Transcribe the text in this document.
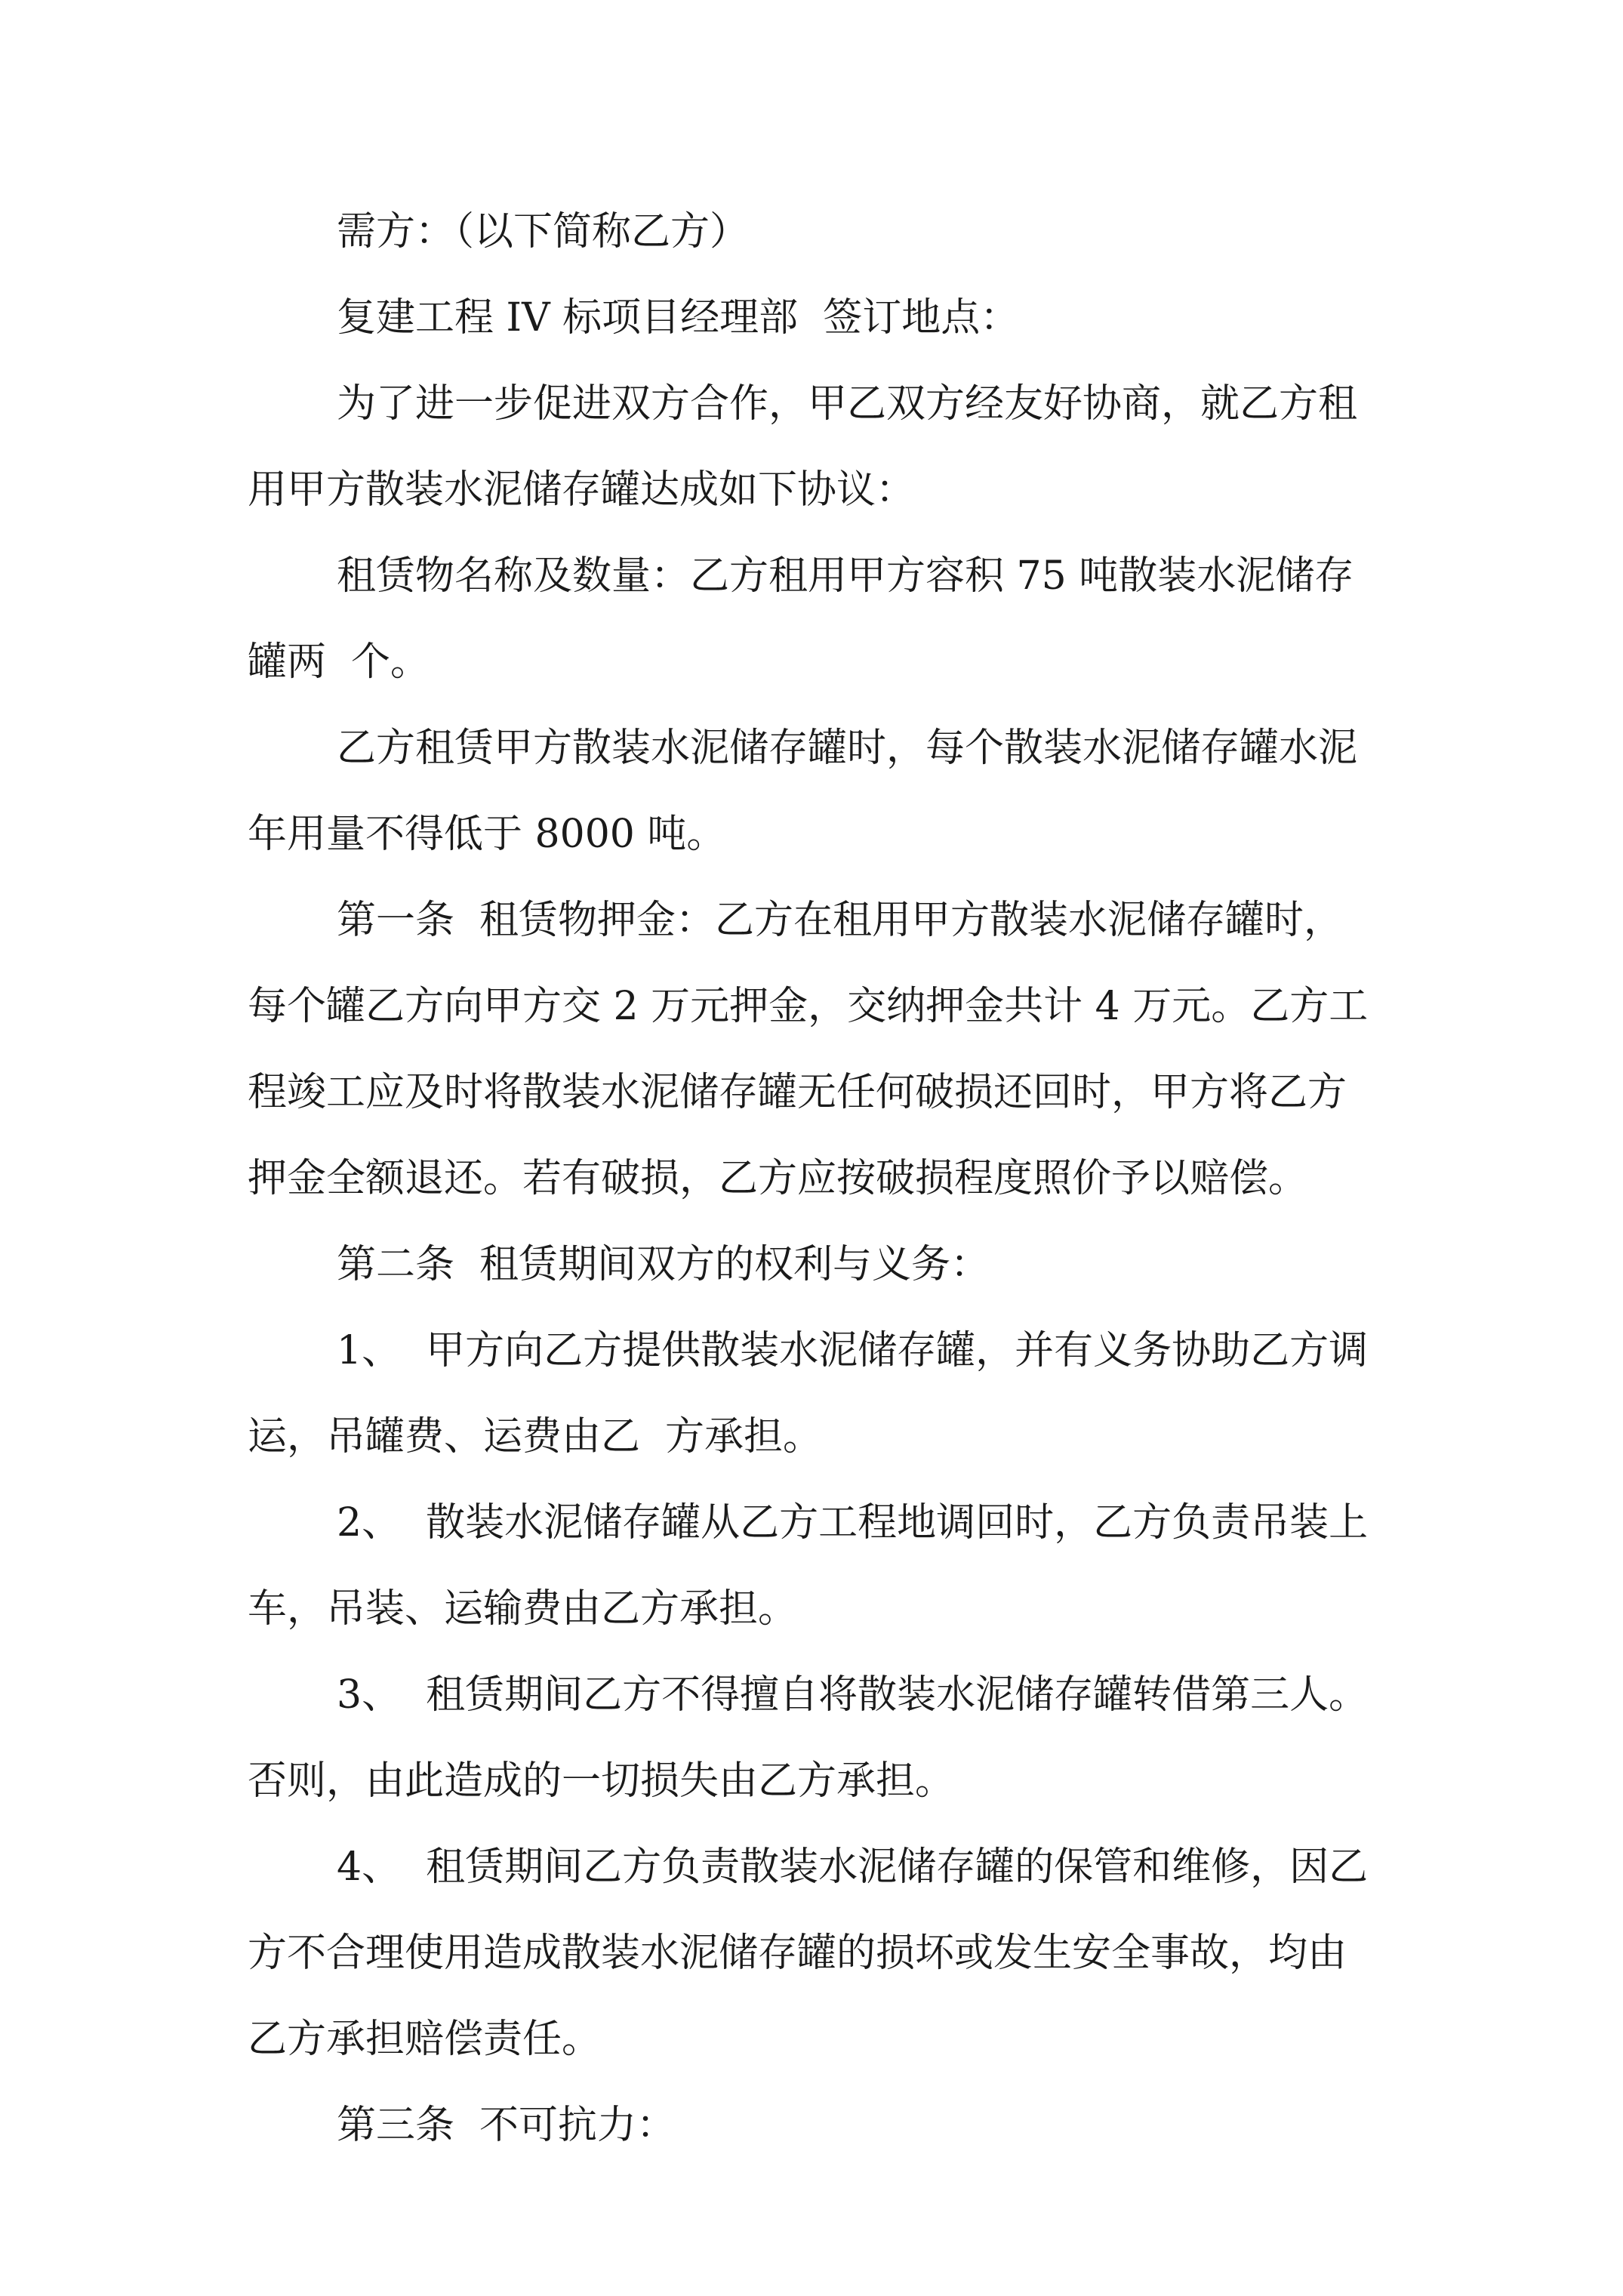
需方：（以下简称乙方）

复建工程 IV 标项目经理部  签订地点：

为了进一步促进双方合作，甲乙双方经友好协商，就乙方租用甲方散装水泥储存罐达成如下协议：

租赁物名称及数量：乙方租用甲方容积 75 吨散装水泥储存罐两  个。

乙方租赁甲方散装水泥储存罐时，每个散装水泥储存罐水泥年用量不得低于 8000 吨。

第一条  租赁物押金：乙方在租用甲方散装水泥储存罐时，每个罐乙方向甲方交 2 万元押金，交纳押金共计 4 万元。乙方工程竣工应及时将散装水泥储存罐无任何破损还回时，甲方将乙方押金全额退还。若有破损，乙方应按破损程度照价予以赔偿。

第二条  租赁期间双方的权利与义务：

1、  甲方向乙方提供散装水泥储存罐，并有义务协助乙方调运，吊罐费、运费由乙  方承担。

2、  散装水泥储存罐从乙方工程地调回时，乙方负责吊装上车，吊装、运输费由乙方承担。

3、  租赁期间乙方不得擅自将散装水泥储存罐转借第三人。否则，由此造成的一切损失由乙方承担。

4、  租赁期间乙方负责散装水泥储存罐的保管和维修，因乙方不合理使用造成散装水泥储存罐的损坏或发生安全事故，均由乙方承担赔偿责任。

第三条  不可抗力：
